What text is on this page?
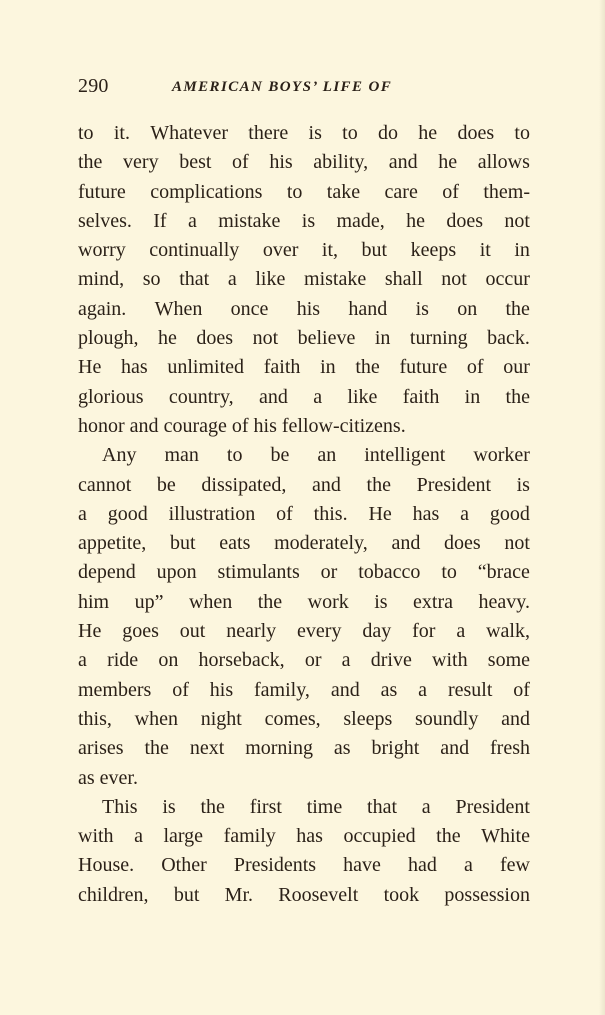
290	AMERICAN BOYS’ LIFE OF
to it. Whatever there is to do he does to
the very best of his ability, and he allows
future complications to take care of them-
selves. If a mistake is made, he does not
worry continually over it, but keeps it in
mind, so that a like mistake shall not occur
again. When once his hand is on the
plough, he does not believe in turning back.
He has unlimited faith in the future of our
glorious country, and a like faith in the
honor and courage of his fellow-citizens.
Any man to be an intelligent worker
cannot be dissipated, and the President is
a good illustration of this. He has a good
appetite, but eats moderately, and does not
depend upon stimulants or tobacco to “brace
him up” when the work is extra heavy.
He goes out nearly every day for a walk,
a ride on horseback, or a drive with some
members of his family, and as a result of
this, when night comes, sleeps soundly and
arises the next morning as bright and fresh
as ever.
This is the first time that a President
with a large family has occupied the White
House. Other Presidents have had a few
children, but Mr. Roosevelt took possession
